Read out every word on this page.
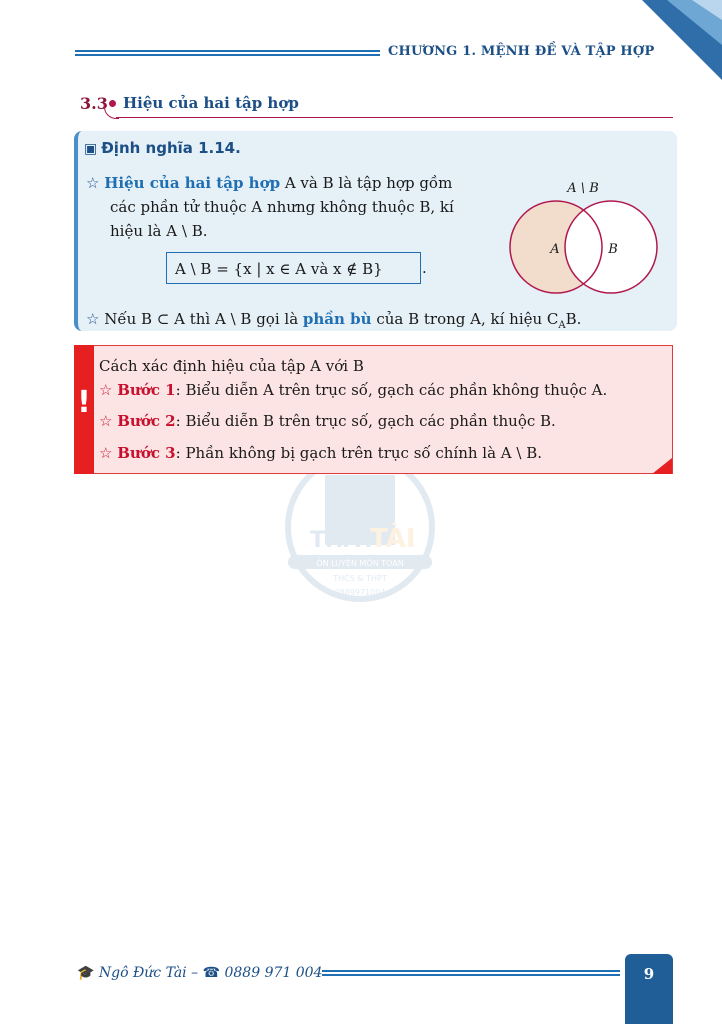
CHƯƠNG 1. MỆNH ĐỀ VÀ TẬP HỢP
3.3 Hiệu của hai tập hợp
THẦY
TÀI
ÔN LUYỆN MÔN TOÁN
THCS & THPT
0889971004
▣ Định nghĩa 1.14.
☆ Hiệu của hai tập hợp A và B là tập hợp gồm
các phần tử thuộc A nhưng không thuộc B, kí
hiệu là A \ B.
A \ B = {x | x ∈ A và x ∉ B}	.
A \ B
A	B
☆ Nếu B ⊂ A thì A \ B gọi là phần bù của B trong A, kí hiệu $C_AB$.
!
Cách xác định hiệu của tập A với B
☆ Bước 1: Biểu diễn A trên trục số, gạch các phần không thuộc A.
☆ Bước 2: Biểu diễn B trên trục số, gạch các phần thuộc B.
☆ Bước 3: Phần không bị gạch trên trục số chính là A \ B.
🎓 Ngô Đức Tài – ☎ 0889 971 004	9
